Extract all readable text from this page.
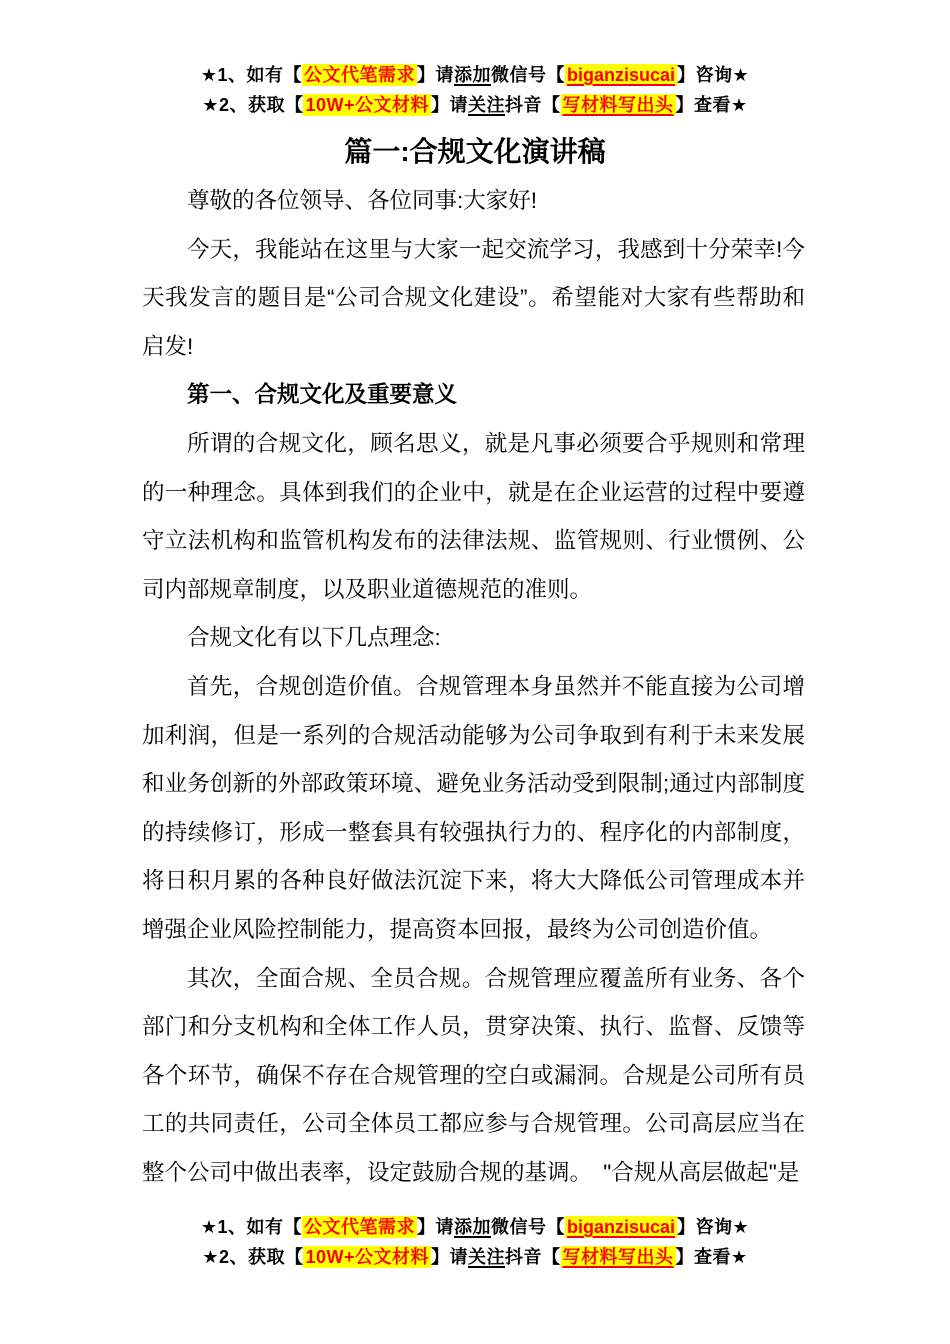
★1、如有【 公文代笔需求 】请添加微信号【 biganzisucai 】咨询★
★2、获取【 10W+公文材料 】请关注抖音【 写材料写出头 】查看★
篇一:合规文化演讲稿

尊敬的各位领导、各位同事:大家好!

今天，我能站在这里与大家一起交流学习，我感到十分荣幸!今天我发言的题目是“公司合规文化建设”。希望能对大家有些帮助和启发!

第一、合规文化及重要意义

所谓的合规文化，顾名思义，就是凡事必须要合乎规则和常理的一种理念。具体到我们的企业中，就是在企业运营的过程中要遵守立法机构和监管机构发布的法律法规、监管规则、行业惯例、公司内部规章制度，以及职业道德规范的准则。

合规文化有以下几点理念:

首先，合规创造价值。合规管理本身虽然并不能直接为公司增加利润，但是一系列的合规活动能够为公司争取到有利于未来发展和业务创新的外部政策环境、避免业务活动受到限制;通过内部制度的持续修订，形成一整套具有较强执行力的、程序化的内部制度，将日积月累的各种良好做法沉淀下来，将大大降低公司管理成本并增强企业风险控制能力，提高资本回报，最终为公司创造价值。

其次，全面合规、全员合规。合规管理应覆盖所有业务、各个部门和分支机构和全体工作人员，贯穿决策、执行、监督、反馈等各个环节，确保不存在合规管理的空白或漏洞。合规是公司所有员工的共同责任，公司全体员工都应参与合规管理。公司高层应当在整个公司中做出表率，设定鼓励合规的基调。　"合规从高层做起"是

★1、如有【 公文代笔需求 】请添加微信号【 biganzisucai 】咨询★
★2、获取【 10W+公文材料 】请关注抖音【 写材料写出头 】查看★
